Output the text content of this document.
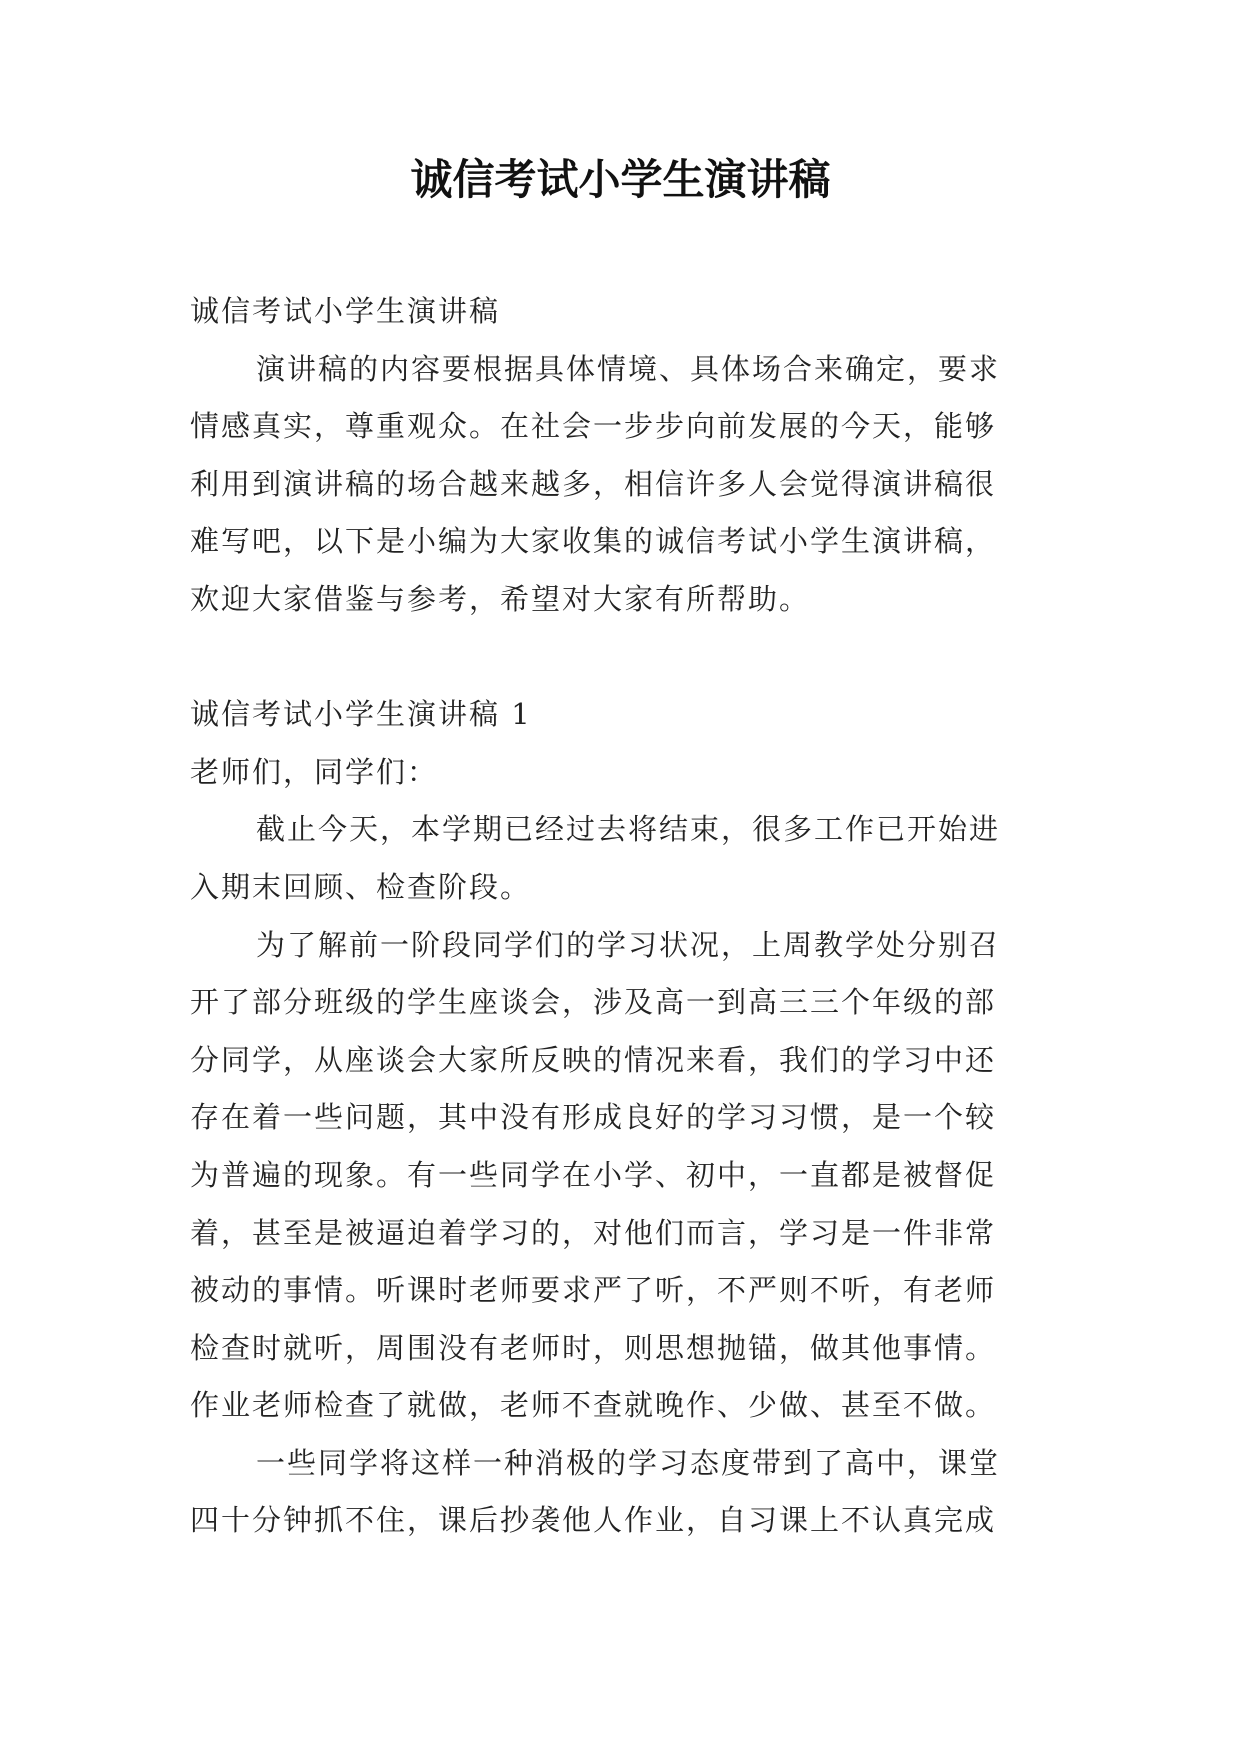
诚信考试小学生演讲稿
诚信考试小学生演讲稿
演讲稿的内容要根据具体情境、具体场合来确定，要求
情感真实，尊重观众。在社会一步步向前发展的今天，能够
利用到演讲稿的场合越来越多，相信许多人会觉得演讲稿很
难写吧，以下是小编为大家收集的诚信考试小学生演讲稿，
欢迎大家借鉴与参考，希望对大家有所帮助。
诚信考试小学生演讲稿 1
老师们，同学们：
截止今天，本学期已经过去将结束，很多工作已开始进
入期末回顾、检查阶段。
为了解前一阶段同学们的学习状况，上周教学处分别召
开了部分班级的学生座谈会，涉及高一到高三三个年级的部
分同学，从座谈会大家所反映的情况来看，我们的学习中还
存在着一些问题，其中没有形成良好的学习习惯，是一个较
为普遍的现象。有一些同学在小学、初中，一直都是被督促
着，甚至是被逼迫着学习的，对他们而言，学习是一件非常
被动的事情。听课时老师要求严了听，不严则不听，有老师
检查时就听，周围没有老师时，则思想抛锚，做其他事情。
作业老师检查了就做，老师不查就晚作、少做、甚至不做。
一些同学将这样一种消极的学习态度带到了高中，课堂
四十分钟抓不住，课后抄袭他人作业，自习课上不认真完成
